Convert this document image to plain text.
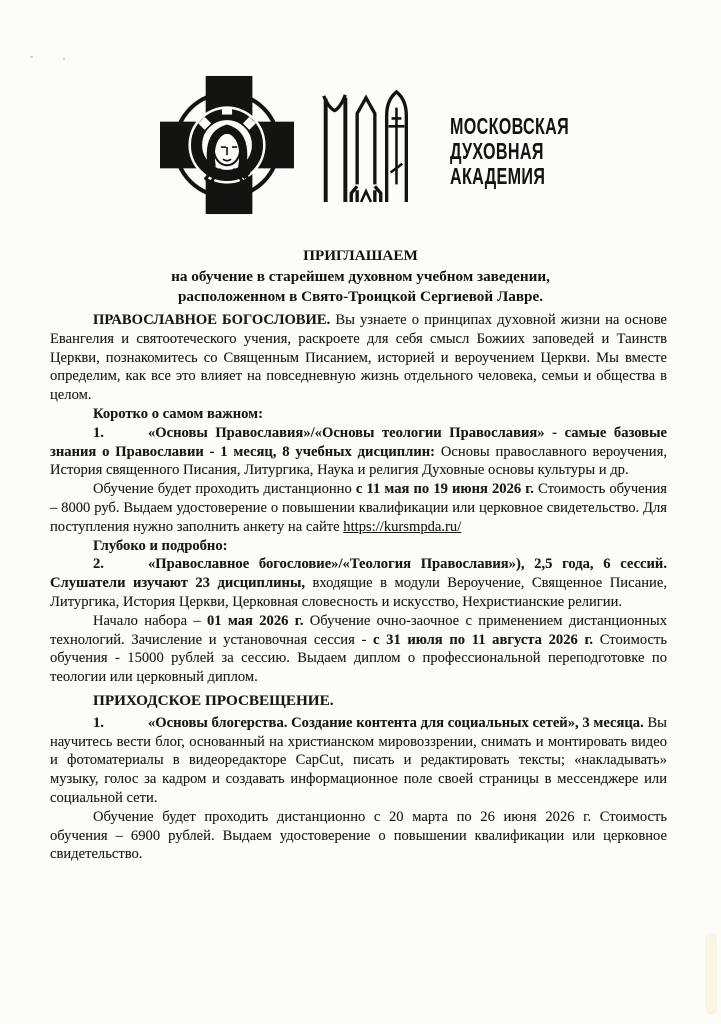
МОСКОВСКАЯ
ДУХОВНАЯ
АКАДЕМИЯ
ПРИГЛАШАЕМ
на обучение в старейшем духовном учебном заведении,
расположенном в Свято-Троицкой Сергиевой Лавре.

ПРАВОСЛАВНОЕ БОГОСЛОВИЕ. Вы узнаете о принципах духовной жизни на основе Евангелия и святоотеческого учения, раскроете для себя смысл Божиих заповедей и Таинств Церкви, познакомитесь со Священным Писанием, историей и вероучением Церкви. Мы вместе определим, как все это влияет на повседневную жизнь отдельного человека, семьи и общества в целом.

Коротко о самом важном:

1.	«Основы Православия»/«Основы теологии Православия» - самые базовые знания о Православии - 1 месяц, 8 учебных дисциплин: Основы православного вероучения, История священного Писания, Литургика, Наука и религия Духовные основы культуры и др.

Обучение будет проходить дистанционно с 11 мая по 19 июня 2026 г. Стоимость обучения – 8000 руб. Выдаем удостоверение о повышении квалификации или церковное свидетельство. Для поступления нужно заполнить анкету на сайте https://kursmpda.ru/

Глубоко и подробно:

2.	«Православное богословие»/«Теология Православия»), 2,5 года, 6 сессий. Слушатели изучают 23 дисциплины, входящие в модули Вероучение, Священное Писание, Литургика, История Церкви, Церковная словесность и искусство, Нехристианские религии.

Начало набора – 01 мая 2026 г. Обучение очно-заочное с применением дистанционных технологий. Зачисление и установочная сессия - с 31 июля по 11 августа 2026 г. Стоимость обучения - 15000 рублей за сессию. Выдаем диплом о профессиональной переподготовке по теологии или церковный диплом.

ПРИХОДСКОЕ ПРОСВЕЩЕНИЕ.

1.	«Основы блогерства. Создание контента для социальных сетей», 3 месяца. Вы научитесь вести блог, основанный на христианском мировоззрении, снимать и монтировать видео и фотоматериалы в видеоредакторе CapCut, писать и редактировать тексты; «накладывать» музыку, голос за кадром и создавать информационное поле своей страницы в мессенджере или социальной сети.

Обучение будет проходить дистанционно с 20 марта по 26 июня 2026 г. Стоимость обучения – 6900 рублей. Выдаем удостоверение о повышении квалификации или церковное свидетельство.
